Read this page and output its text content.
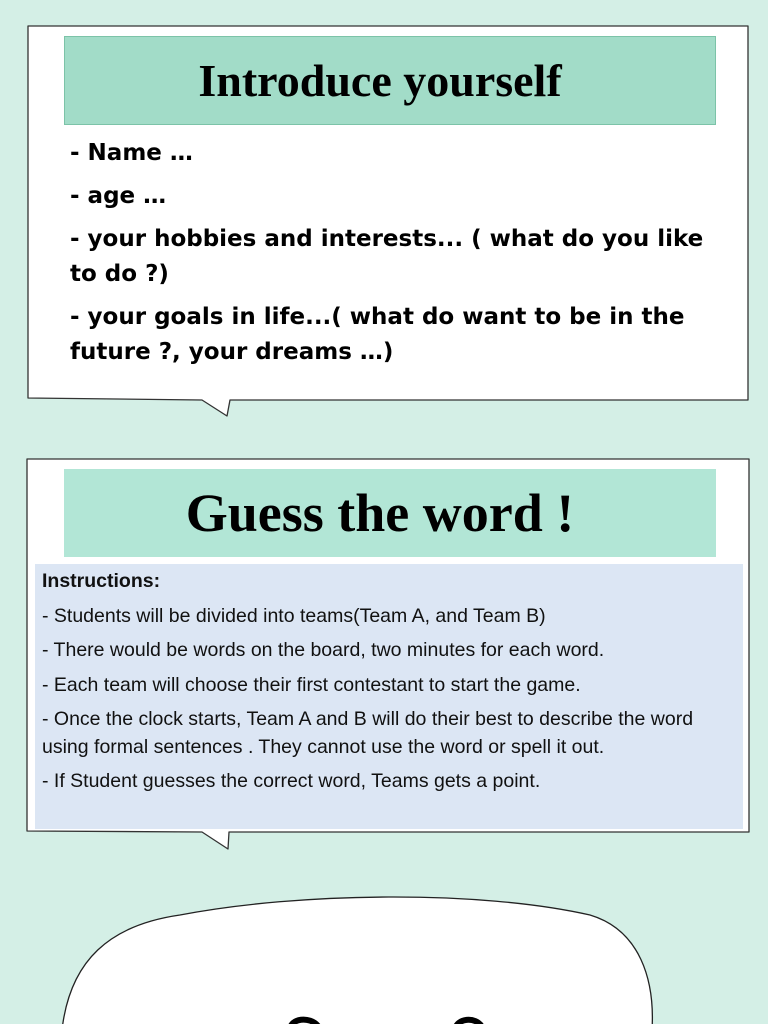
Introduce yourself
- Name …
- age …
- your hobbies and interests... ( what do you like to do ?)
- your goals in life...( what do want to be in the future ?, your dreams …)
Guess the word !
Instructions:

- Students will be divided into teams(Team A, and Team B)

- There would be words on the board, two minutes for each word.

- Each team will choose their first contestant to start the game.

- Once the clock starts, Team A and B will do their best to describe the word using formal sentences . They cannot use the word or spell it out.

- If Student guesses the correct word, Teams gets a point.
